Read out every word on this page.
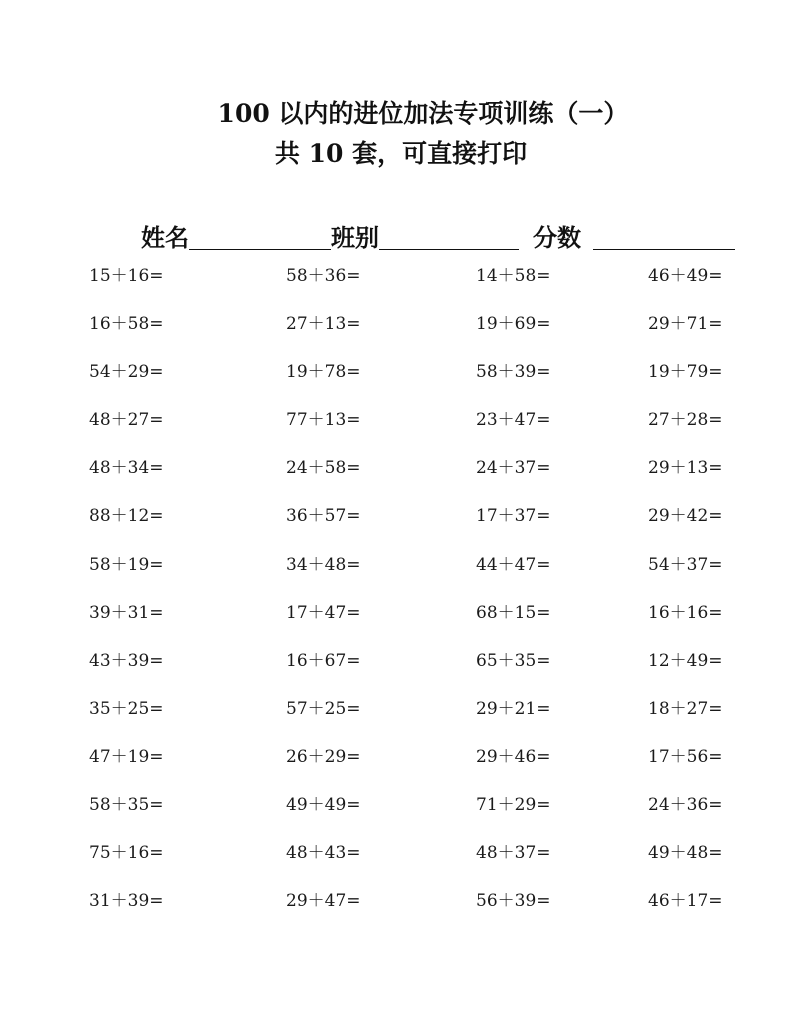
100 以内的进位加法专项训练（一）
共 10 套，可直接打印
姓名	班别	分数
15＋16=	58＋36=	14＋58=	46＋49=
16＋58=	27＋13=	19＋69=	29＋71=
54＋29=	19＋78=	58＋39=	19＋79=
48＋27=	77＋13=	23＋47=	27＋28=
48＋34=	24＋58=	24＋37=	29＋13=
88＋12=	36＋57=	17＋37=	29＋42=
58＋19=	34＋48=	44＋47=	54＋37=
39＋31=	17＋47=	68＋15=	16＋16=
43＋39=	16＋67=	65＋35=	12＋49=
35＋25=	57＋25=	29＋21=	18＋27=
47＋19=	26＋29=	29＋46=	17＋56=
58＋35=	49＋49=	71＋29=	24＋36=
75＋16=	48＋43=	48＋37=	49＋48=
31＋39=	29＋47=	56＋39=	46＋17=
